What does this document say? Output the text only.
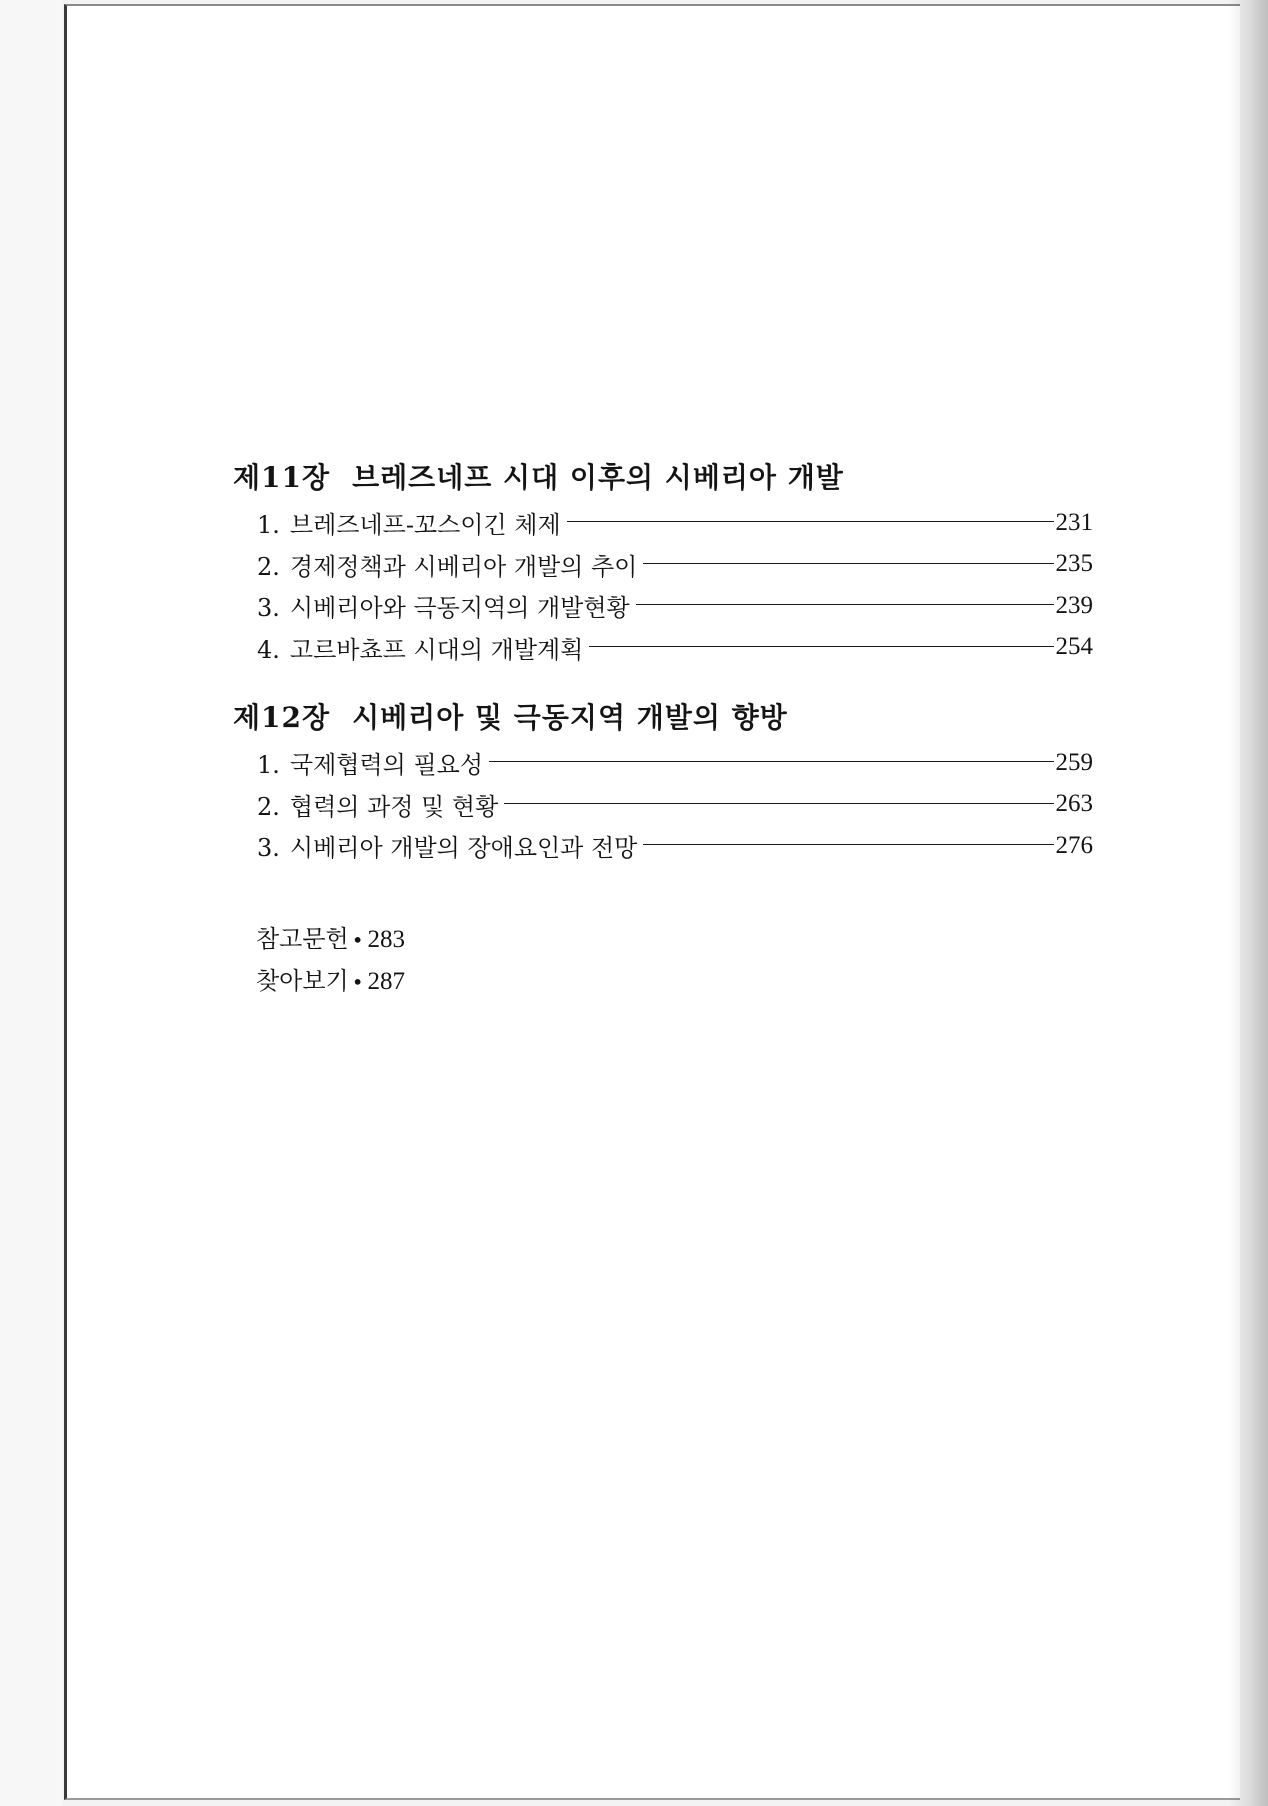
제11장 브레즈네프 시대 이후의 시베리아 개발
1. 브레즈네프-꼬스이긴 체제	231
2. 경제정책과 시베리아 개발의 추이	235
3. 시베리아와 극동지역의 개발현황	239
4. 고르바쵸프 시대의 개발계획	254
제12장 시베리아 및 극동지역 개발의 향방
1. 국제협력의 필요성	259
2. 협력의 과정 및 현황	263
3. 시베리아 개발의 장애요인과 전망	276
참고문헌 • 283
찾아보기 • 287
